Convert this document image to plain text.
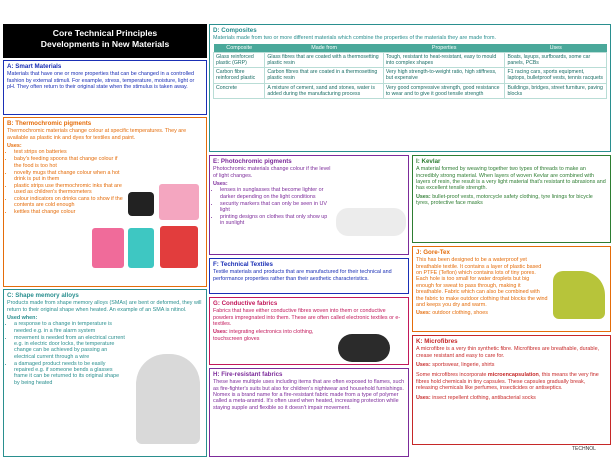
Core Technical Principles
Developments in New Materials
A: Smart Materials
Materials that have one or more properties that can be changed in a controlled fashion by external stimuli. For example, stress, temperature, moisture, light or pH. They often return to their original state when the stimulus is taken away.
B: Thermochromic pigments
Thermochromic materials change colour at specific temperatures. They are available as plastic ink and dyes for textiles and paint.
Uses:
• test strips on batteries
• baby's feeding spoons that change colour if the food is too hot
• novelty mugs that change colour when a hot drink is put in them
• plastic strips use thermochromic inks that are used as children's thermometers
• colour indicators on drinks cans to show if the contents are cold enough
• kettles that change colour
C: Shape memory alloys
Products made from shape memory alloys (SMAs) are bent or deformed, they will return to their original shape when heated. An example of an SMA is nitinol.
Used when:
• a response to a change in temperature is needed e.g. in a fire alarm system
• movement is needed from an electrical current e.g. in electric door locks, the temperature change can be achieved by passing an electrical current through a wire
• a damaged product needs to be easily repaired e.g. if someone bends a glasses frame it can be returned to its original shape by being heated
D: Composites
Materials made from two or more different materials which combine the properties of the materials they are made from.
Composite	Made from	Properties	Uses
Glass reinforced plastic (GRP)	Glass fibres that are coated with a thermosetting plastic resin	Tough, resistant to heat-resistant, easy to mould into complex shapes	Boats, layups, surfboards, some car panels, PCBs
Carbon fibre reinforced plastic	Carbon fibres that are coated in a thermosetting plastic resin	Very high strength-to-weight ratio, high stiffness, but expensive	F1 racing cars, sports equipment, laptops, bulletproof vests, tennis racquets
Concrete	A mixture of cement, sand and stones, water is added during the manufacturing process	Very good compressive strength, good resistance to wear and to give it good tensile strength	Buildings, bridges, street furniture, paving blocks
E: Photochromic pigments
Photochromic materials change colour if the level of light changes.
Uses:
• lenses in sunglasses that become lighter or darker depending on the light conditions
• security markers that can only be seen in UV light
• printing designs on clothes that only show up in sunlight
F: Technical Textiles
Textile materials and products that are manufactured for their technical and performance properties rather than their aesthetic characteristics.
G: Conductive fabrics
Fabrics that have either conductive fibres woven into them or conductive powders impregnated into them. These are often called electronic textiles or e-textiles.
Uses: integrating electronics into clothing, touchscreen gloves
H: Fire-resistant fabrics
These have multiple uses including items that are often exposed to flames, such as fire-fighter's suits but also for children's nightwear and household furnishings. Nomex is a brand name for a fire-resistant fabric made from a type of polymer called a meta-aramid. It's often used when heated, increasing protection while staying supple and flexible so it doesn't impair movement.
I: Kevlar
A material formed by weaving together two types of threads to make an incredibly strong material. When layers of woven Kevlar are combined with layers of resin, the result is a very light material that's resistant to abrasions and has excellent tensile strength.
Uses: bullet-proof vests, motorcycle safety clothing, tyre linings for bicycle tyres, protective face masks
J: Gore-Tex
This has been designed to be a waterproof yet breathable textile. It contains a layer of plastic based on PTFE (Teflon) which contains lots of tiny pores. Each hole is too small for water droplets but big enough for sweat to pass through, making it breathable. Fabric which can also be combined with the fabric to make outdoor clothing that blocks the wind and keeps you dry and warm.
Uses: outdoor clothing, shoes
K: Microfibres
A microfibre is a very thin synthetic fibre. Microfibres are breathable, durable, crease resistant and easy to care for.
Uses: sportswear, lingerie, shirts
Some microfibres incorporate microencapsulation, this means the very fine fibres hold chemicals in tiny capsules. These capsules gradually break, releasing chemicals like perfumes, insecticides or antiseptics.
Uses: insect repellent clothing, antibacterial socks
TECHNOL
